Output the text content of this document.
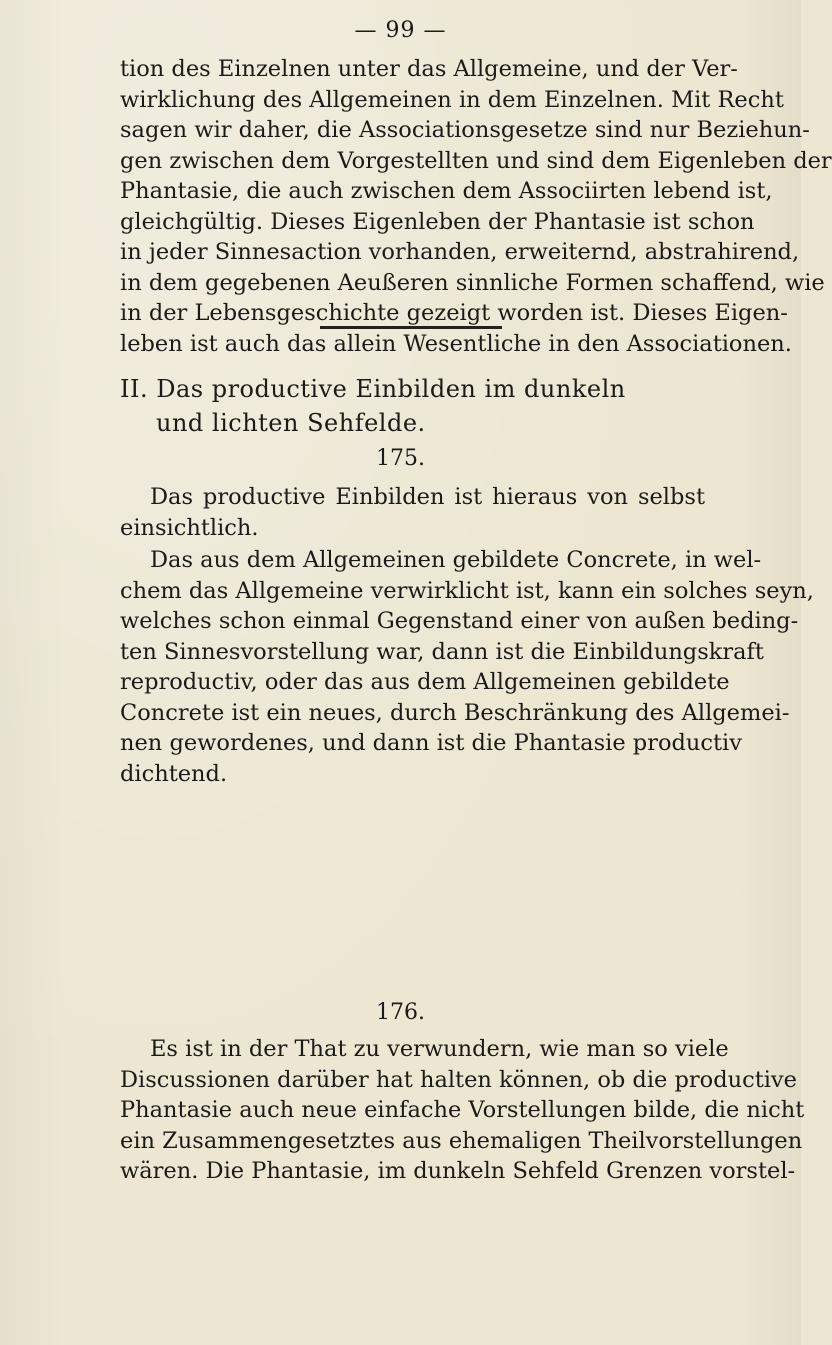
— 99 —
tion des Einzelnen unter das Allgemeine, und der Ver-
wirklichung des Allgemeinen in dem Einzelnen. Mit Recht
sagen wir daher, die Associationsgesetze sind nur Beziehun-
gen zwischen dem Vorgestellten und sind dem Eigenleben der
Phantasie, die auch zwischen dem Associirten lebend ist,
gleichgültig. Dieses Eigenleben der Phantasie ist schon
in jeder Sinnesaction vorhanden, erweiternd, abstrahirend,
in dem gegebenen Aeußeren sinnliche Formen schaffend, wie
in der Lebensgeschichte gezeigt worden ist. Dieses Eigen-
leben ist auch das allein Wesentliche in den Associationen.
II. Das productive Einbilden im dunkeln
und lichten Sehfelde.
175.
Das productive Einbilden ist hieraus von selbst
einsichtlich.
Das aus dem Allgemeinen gebildete Concrete, in wel-
chem das Allgemeine verwirklicht ist, kann ein solches seyn,
welches schon einmal Gegenstand einer von außen beding-
ten Sinnesvorstellung war, dann ist die Einbildungskraft
reproductiv, oder das aus dem Allgemeinen gebildete
Concrete ist ein neues, durch Beschränkung des Allgemei-
nen gewordenes, und dann ist die Phantasie productiv
dichtend.
176.
Es ist in der That zu verwundern, wie man so viele
Discussionen darüber hat halten können, ob die productive
Phantasie auch neue einfache Vorstellungen bilde, die nicht
ein Zusammengesetztes aus ehemaligen Theilvorstellungen
wären. Die Phantasie, im dunkeln Sehfeld Grenzen vorstel-
